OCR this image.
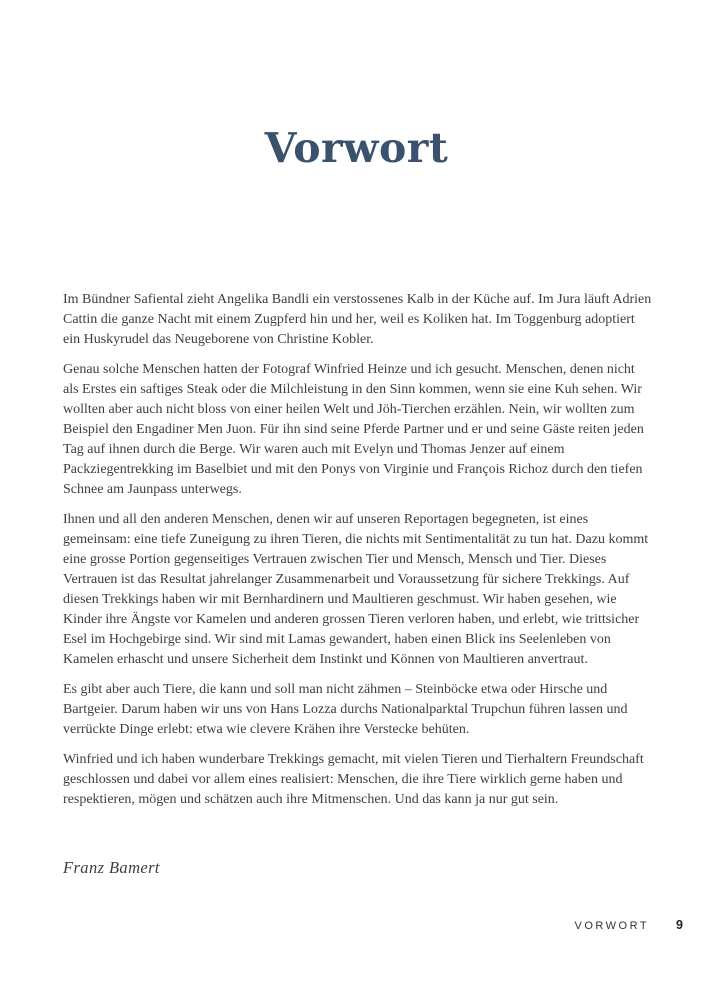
Vorwort

Im Bündner Safiental zieht Angelika Bandli ein verstossenes Kalb in der Küche auf. Im Jura läuft Adrien Cattin die ganze Nacht mit einem Zugpferd hin und her, weil es Koliken hat. Im Toggenburg adoptiert ein Huskyrudel das Neugeborene von Christine Kobler.

Genau solche Menschen hatten der Fotograf Winfried Heinze und ich gesucht. Menschen, denen nicht als Erstes ein saftiges Steak oder die Milchleistung in den Sinn kommen, wenn sie eine Kuh sehen. Wir wollten aber auch nicht bloss von einer heilen Welt und Jöh-Tierchen erzählen. Nein, wir wollten zum Beispiel den Engadiner Men Juon. Für ihn sind seine Pferde Partner und er und seine Gäste reiten jeden Tag auf ihnen durch die Berge. Wir waren auch mit Evelyn und Thomas Jenzer auf einem Packziegentrekking im Baselbiet und mit den Ponys von Virginie und François Richoz durch den tiefen Schnee am Jaunpass unterwegs.

Ihnen und all den anderen Menschen, denen wir auf unseren Reportagen begegneten, ist eines gemeinsam: eine tiefe Zuneigung zu ihren Tieren, die nichts mit Sentimentalität zu tun hat. Dazu kommt eine grosse Portion gegenseitiges Vertrauen zwischen Tier und Mensch, Mensch und Tier. Dieses Vertrauen ist das Resultat jahrelanger Zusammenarbeit und Voraussetzung für sichere Trekkings. Auf diesen Trekkings haben wir mit Bernhardinern und Maultieren geschmust. Wir haben gesehen, wie Kinder ihre Ängste vor Kamelen und anderen grossen Tieren verloren haben, und erlebt, wie trittsicher Esel im Hochgebirge sind. Wir sind mit Lamas gewandert, haben einen Blick ins Seelenleben von Kamelen erhascht und unsere Sicherheit dem Instinkt und Können von Maultieren anvertraut.

Es gibt aber auch Tiere, die kann und soll man nicht zähmen – Steinböcke etwa oder Hirsche und Bartgeier. Darum haben wir uns von Hans Lozza durchs Nationalparktal Trupchun führen lassen und verrückte Dinge erlebt: etwa wie clevere Krähen ihre Verstecke behüten.

Winfried und ich haben wunderbare Trekkings gemacht, mit vielen Tieren und Tierhaltern Freundschaft geschlossen und dabei vor allem eines realisiert: Menschen, die ihre Tiere wirklich gerne haben und respektieren, mögen und schätzen auch ihre Mitmenschen. Und das kann ja nur gut sein.

Franz Bamert

VORWORT 9
